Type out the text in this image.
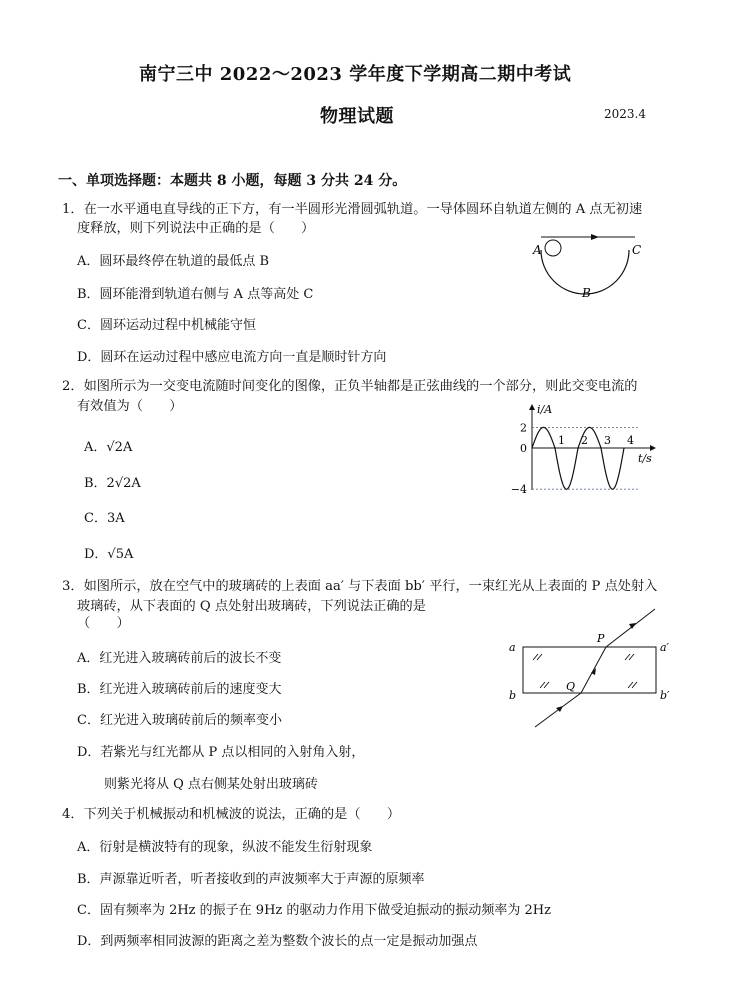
南宁三中 2022～2023 学年度下学期高二期中考试
物理试题	2023.4
一、单项选择题：本题共 8 小题，每题 3 分共 24 分。
1．在一水平通电直导线的正下方，有一半圆形光滑圆弧轨道。一导体圆环自轨道左侧的 A 点无初速
度释放，则下列说法中正确的是（　　）
A．圆环最终停在轨道的最低点 B
B．圆环能滑到轨道右侧与 A 点等高处 C
C．圆环运动过程中机械能守恒
D．圆环在运动过程中感应电流方向一直是顺时针方向
A	C
B
2．如图所示为一交变电流随时间变化的图像，正负半轴都是正弦曲线的一个部分，则此交变电流的
有效值为（　　）
A．√2A
B．2√2A
C．3A
D．√5A
i/A
t/s
2
0
−4
1 2 3 4
3．如图所示，放在空气中的玻璃砖的上表面 aa′ 与下表面 bb′ 平行，一束红光从上表面的 P 点处射入
玻璃砖，从下表面的 Q 点处射出玻璃砖，下列说法正确的是
（　　）
A．红光进入玻璃砖前后的波长不变
B．红光进入玻璃砖前后的速度变大
C．红光进入玻璃砖前后的频率变小
D．若紫光与红光都从 P 点以相同的入射角入射，
则紫光将从 Q 点右侧某处射出玻璃砖
a	a′
b	b′
P
Q
4．下列关于机械振动和机械波的说法，正确的是（　　）
A．衍射是横波特有的现象，纵波不能发生衍射现象
B．声源靠近听者，听者接收到的声波频率大于声源的原频率
C．固有频率为 2Hz 的振子在 9Hz 的驱动力作用下做受迫振动的振动频率为 2Hz
D．到两频率相同波源的距离之差为整数个波长的点一定是振动加强点
